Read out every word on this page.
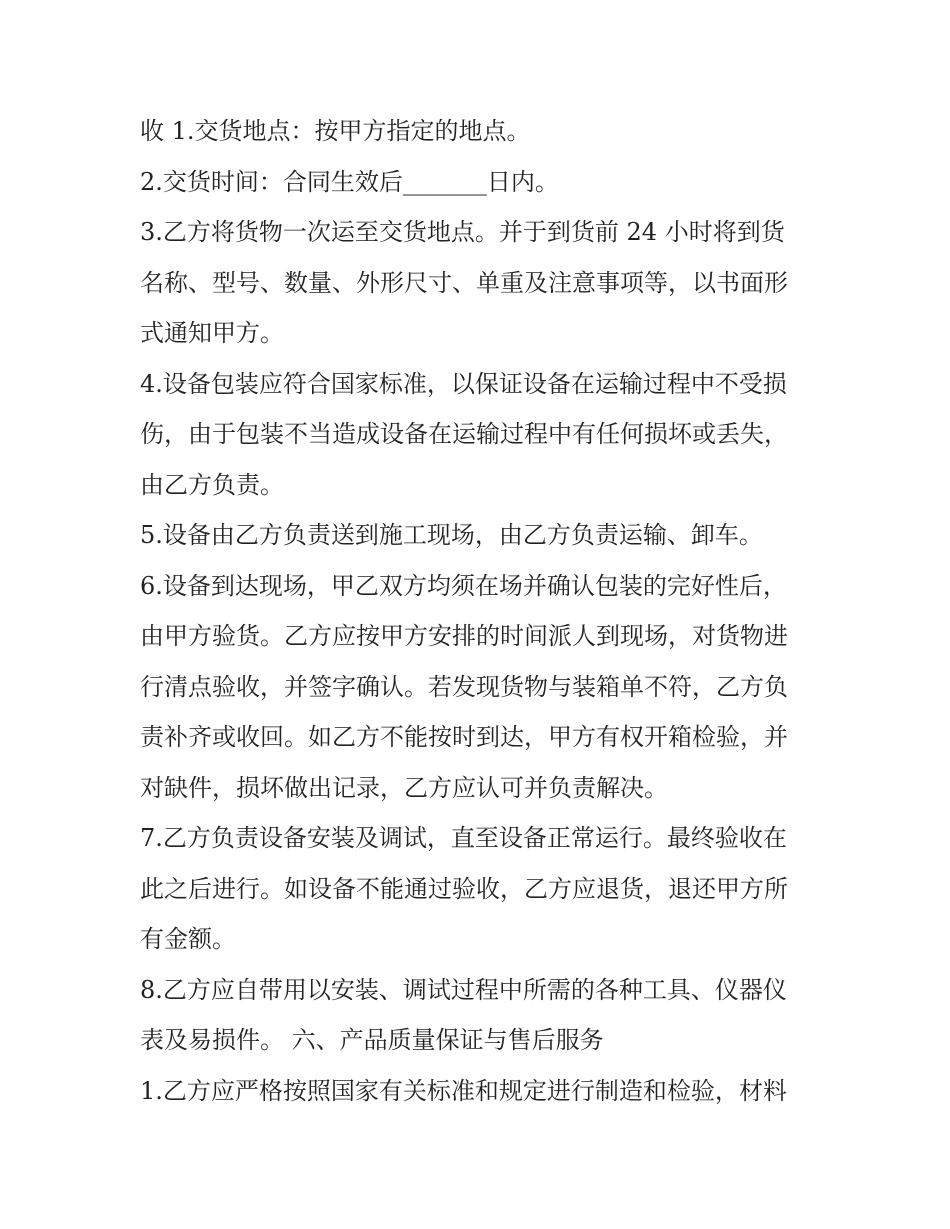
收 1.交货地点：按甲方指定的地点。
2.交货时间：合同生效后_______日内。
3.乙方将货物一次运至交货地点。并于到货前 24 小时将到货
名称、型号、数量、外形尺寸、单重及注意事项等，以书面形
式通知甲方。
4.设备包装应符合国家标准，以保证设备在运输过程中不受损
伤，由于包装不当造成设备在运输过程中有任何损坏或丢失，
由乙方负责。
5.设备由乙方负责送到施工现场，由乙方负责运输、卸车。
6.设备到达现场，甲乙双方均须在场并确认包装的完好性后，
由甲方验货。乙方应按甲方安排的时间派人到现场，对货物进
行清点验收，并签字确认。若发现货物与装箱单不符，乙方负
责补齐或收回。如乙方不能按时到达，甲方有权开箱检验，并
对缺件，损坏做出记录，乙方应认可并负责解决。
7.乙方负责设备安装及调试，直至设备正常运行。最终验收在
此之后进行。如设备不能通过验收，乙方应退货，退还甲方所
有金额。
8.乙方应自带用以安装、调试过程中所需的各种工具、仪器仪
表及易损件。 六、产品质量保证与售后服务
1.乙方应严格按照国家有关标准和规定进行制造和检验，材料
